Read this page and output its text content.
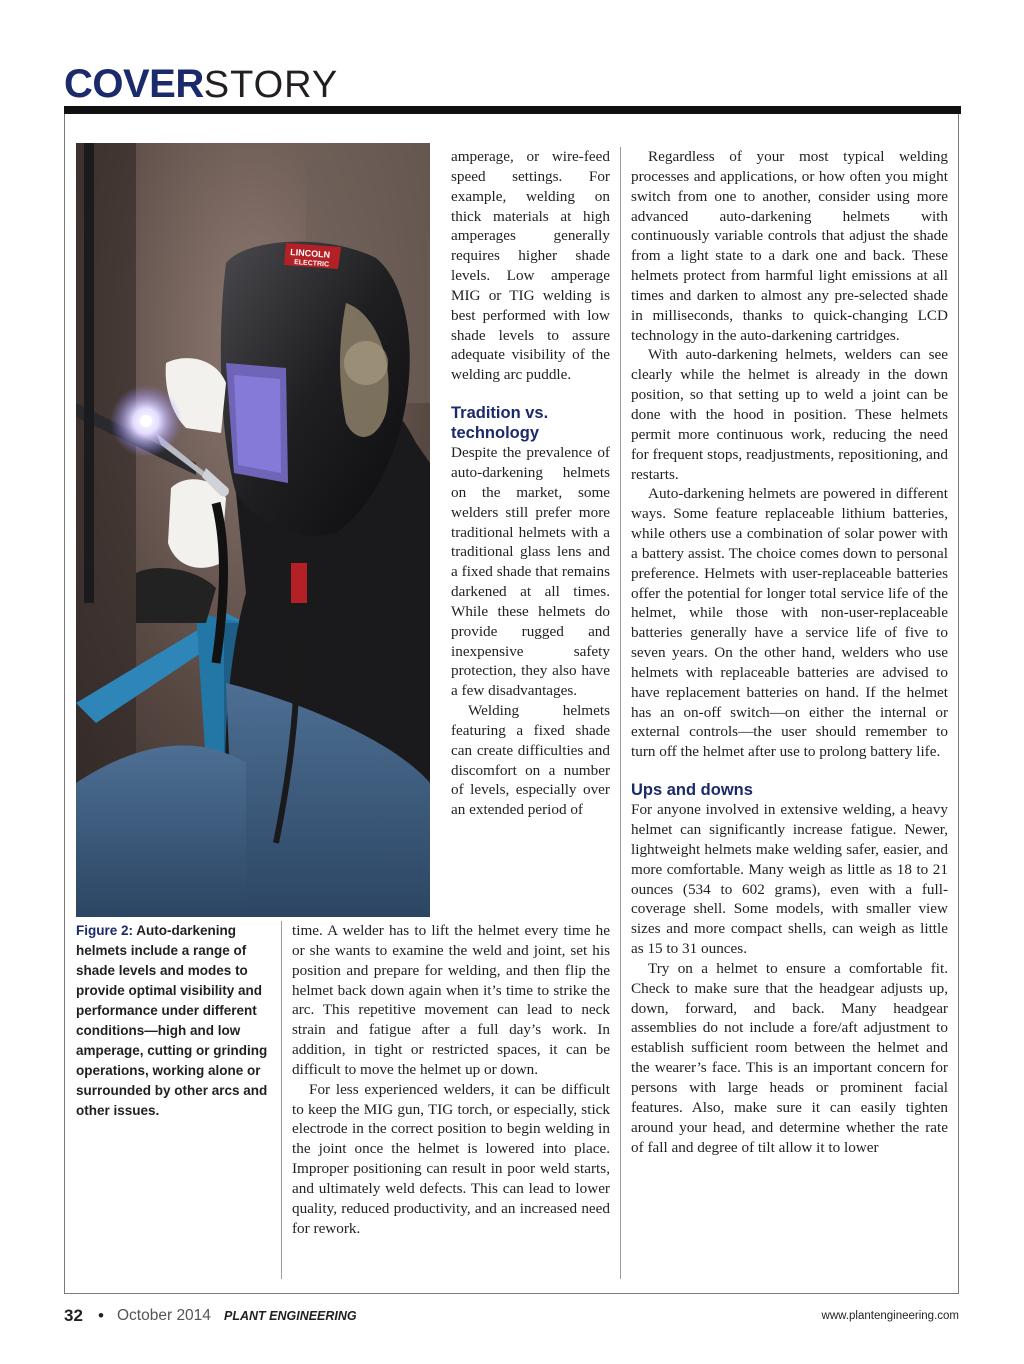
COVERSTORY
LINCOLN
ELECTRIC
Figure 2: Auto-darkening helmets include a range of shade levels and modes to provide optimal visibility and performance under different conditions—high and low amperage, cutting or grinding operations, working alone or surrounded by other arcs and other issues.

amperage, or wire-feed speed settings. For example, welding on thick materials at high amperages generally requires higher shade levels. Low amperage MIG or TIG welding is best performed with low shade levels to assure adequate visibility of the welding arc puddle.

Tradition vs. technology

Despite the prevalence of auto-darkening helmets on the market, some welders still prefer more traditional helmets with a traditional glass lens and a fixed shade that remains darkened at all times. While these helmets do provide rugged and inexpensive safety protection, they also have a few disadvantages.

Welding helmets featuring a fixed shade can create difficulties and discomfort on a number of levels, especially over an extended period of

time. A welder has to lift the helmet every time he or she wants to examine the weld and joint, set his position and prepare for welding, and then flip the helmet back down again when it’s time to strike the arc. This repetitive movement can lead to neck strain and fatigue after a full day’s work. In addition, in tight or restricted spaces, it can be difficult to move the helmet up or down.

For less experienced welders, it can be difficult to keep the MIG gun, TIG torch, or especially, stick electrode in the correct position to begin welding in the joint once the helmet is lowered into place. Improper positioning can result in poor weld starts, and ultimately weld defects. This can lead to lower quality, reduced productivity, and an increased need for rework.

Regardless of your most typical welding processes and applications, or how often you might switch from one to another, consider using more advanced auto-darkening helmets with continuously variable controls that adjust the shade from a light state to a dark one and back. These helmets protect from harmful light emissions at all times and darken to almost any pre-selected shade in milliseconds, thanks to quick-changing LCD technology in the auto-darkening cartridges.

With auto-darkening helmets, welders can see clearly while the helmet is already in the down position, so that setting up to weld a joint can be done with the hood in position. These helmets permit more continuous work, reducing the need for frequent stops, readjustments, repositioning, and restarts.

Auto-darkening helmets are powered in different ways. Some feature replaceable lithium batteries, while others use a combination of solar power with a battery assist. The choice comes down to personal preference. Helmets with user-replaceable batteries offer the potential for longer total service life of the helmet, while those with non-user-replaceable batteries generally have a service life of five to seven years. On the other hand, welders who use helmets with replaceable batteries are advised to have replacement batteries on hand. If the helmet has an on-off switch—on either the internal or external controls—the user should remember to turn off the helmet after use to prolong battery life.

Ups and downs

For anyone involved in extensive welding, a heavy helmet can significantly increase fatigue. Newer, lightweight helmets make welding safer, easier, and more comfortable. Many weigh as little as 18 to 21 ounces (534 to 602 grams), even with a full-coverage shell. Some models, with smaller view sizes and more compact shells, can weigh as little as 15 to 31 ounces.

Try on a helmet to ensure a comfortable fit. Check to make sure that the headgear adjusts up, down, forward, and back. Many headgear assemblies do not include a fore/aft adjustment to establish sufficient room between the helmet and the wearer’s face. This is an important concern for persons with large heads or prominent facial features. Also, make sure it can easily tighten around your head, and determine whether the rate of fall and degree of tilt allow it to lower

32 • October 2014 PLANT ENGINEERING	www.plantengineering.com
